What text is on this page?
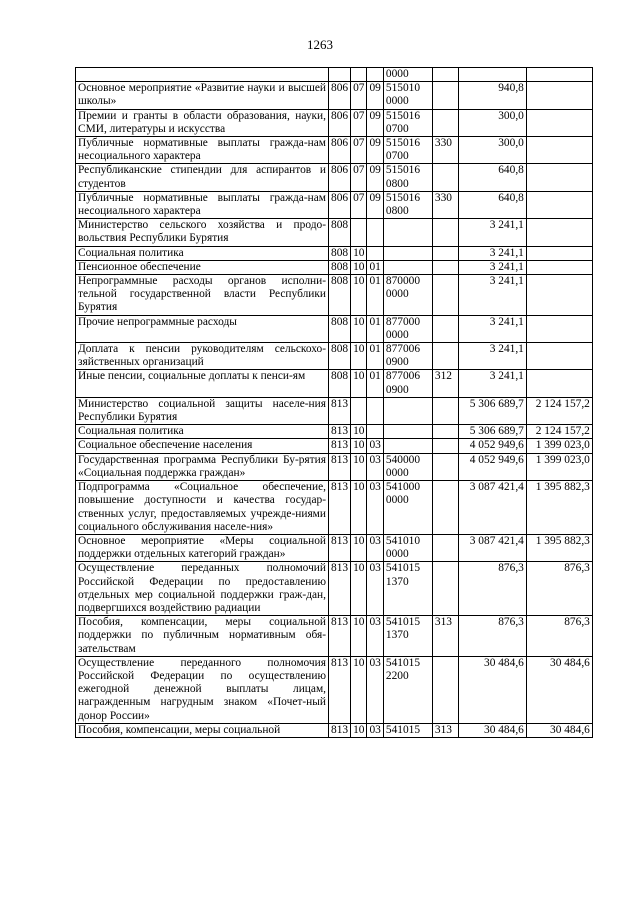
1263
				0000			
Основное мероприятие «Развитие науки и высшей школы»	806	07	09	515010 0000		940,8	
Премии и гранты в области образования, науки, СМИ, литературы и искусства	806	07	09	515016 0700		300,0	
Публичные нормативные выплаты граждa-нам несоциального характера	806	07	09	515016 0700	330	300,0	
Республиканские стипендии для аспирантов и студентов	806	07	09	515016 0800		640,8	
Публичные нормативные выплаты гражда-нам несоциального характера	806	07	09	515016 0800	330	640,8	
Министерство сельского хозяйства и продо-вольствия Республики Бурятия	808					3 241,1	
Социальная политика	808	10				3 241,1	
Пенсионное обеспечение	808	10	01			3 241,1	
Непрограммные расходы органов исполни-тельной государственной власти Республики Бурятия	808	10	01	870000 0000		3 241,1	
Прочие непрограммные расходы	808	10	01	877000 0000		3 241,1	
Доплата к пенсии руководителям сельскохо-зяйственных организаций	808	10	01	877006 0900		3 241,1	
Иные пенсии, социальные доплаты к пенси-ям	808	10	01	877006 0900	312	3 241,1	
Министерство социальной защиты населе-ния Республики Бурятия	813					5 306 689,7	2 124 157,2
Социальная политика	813	10				5 306 689,7	2 124 157,2
Социальное обеспечение населения	813	10	03			4 052 949,6	1 399 023,0
Государственная программа Республики Бу-рятия «Социальная поддержка граждан»	813	10	03	540000 0000		4 052 949,6	1 399 023,0
Подпрограмма «Социальное обеспечение, повышение доступности и качества государ-ственных услуг, предоставляемых учрежде-ниями социального обслуживания населе-ния»	813	10	03	541000 0000		3 087 421,4	1 395 882,3
Основное мероприятие «Меры социальной поддержки отдельных категорий граждан»	813	10	03	541010 0000		3 087 421,4	1 395 882,3
Осуществление переданных полномочий Российской Федерации по предоставлению отдельных мер социальной поддержки граж-дан, подвергшихся воздействию радиации	813	10	03	541015 1370		876,3	876,3
Пособия, компенсации, меры социальной поддержки по публичным нормативным обя-зательствам	813	10	03	541015 1370	313	876,3	876,3
Осуществление переданного полномочия Российской Федерации по осуществлению ежегодной денежной выплаты лицам, награжденным нагрудным знаком «Почет-ный донор России»	813	10	03	541015 2200		30 484,6	30 484,6
Пособия, компенсации, меры социальной	813	10	03	541015	313	30 484,6	30 484,6
